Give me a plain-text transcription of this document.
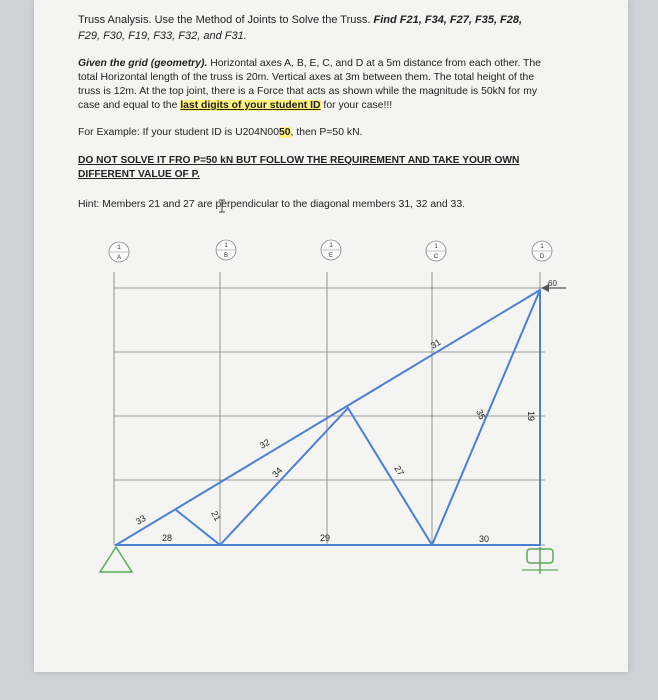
Truss Analysis. Use the Method of Joints to Solve the Truss. Find F21, F34, F27, F35, F28,
F29, F30, F19, F33, F32, and F31.
Given the grid (geometry). Horizontal axes A, B, E, C, and D at a 5m distance from each other. The
total Horizontal length of the truss is 20m. Vertical axes at 3m between them. The total height of the
truss is 12m. At the top joint, there is a Force that acts as shown while the magnitude is 50kN for my
case and equal to the last digits of your student ID for your case!!!
For Example: If your student ID is U204N0050, then P=50 kN.
DO NOT SOLVE IT FRO P=50 kN BUT FOLLOW THE REQUIREMENT AND TAKE YOUR OWN
DIFFERENT VALUE OF P.
Hint: Members 21 and 27 are perpendicular to the diagonal members 31, 32 and 33.
1
A
1
B
1
E
1
C
1
D
60
31
32
34	27
35	19
33	21
28	29	30
